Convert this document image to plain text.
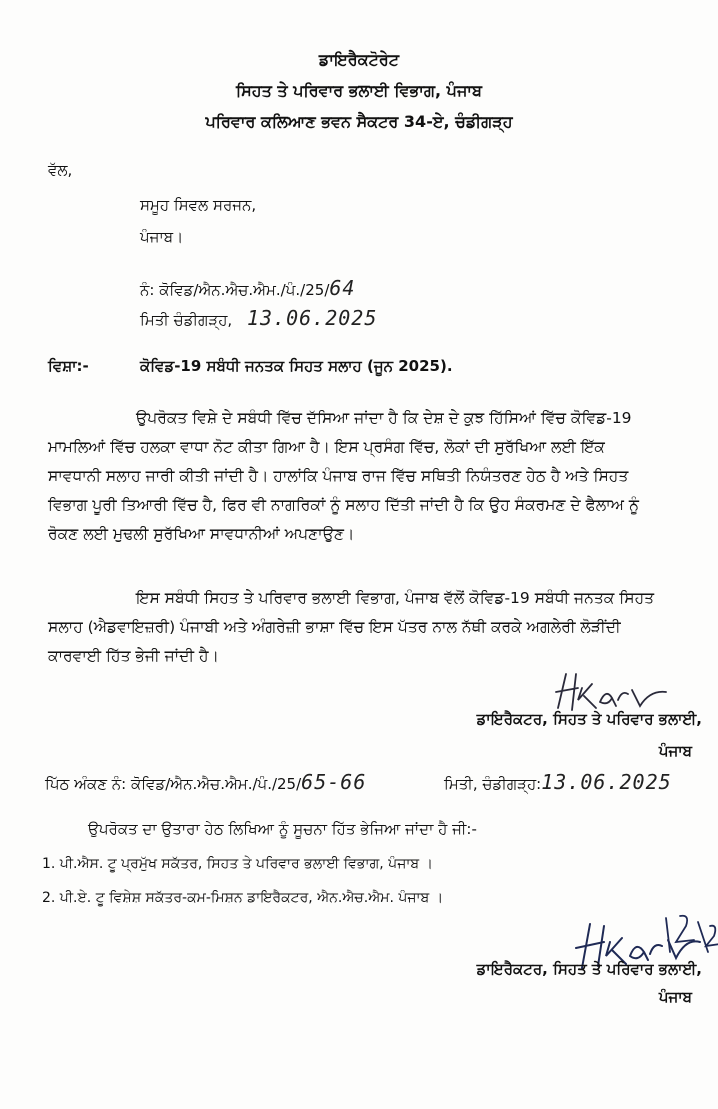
ਡਾਇਰੈਕਟੋਰੇਟ
ਸਿਹਤ ਤੇ ਪਰਿਵਾਰ ਭਲਾਈ ਵਿਭਾਗ, ਪੰਜਾਬ
ਪਰਿਵਾਰ ਕਲਿਆਣ ਭਵਨ ਸੈਕਟਰ 34-ਏ, ਚੰਡੀਗੜ੍ਹ
ਵੱਲ,
ਸਮੂਹ ਸਿਵਲ ਸਰਜਨ,
ਪੰਜਾਬ।
ਨੰ: ਕੋਵਿਡ/ਐਨ.ਐਚ.ਐਮ./ਪੰ./25/64
ਮਿਤੀ ਚੰਡੀਗੜ੍ਹ, 13.06.2025
ਵਿਸ਼ਾ:-	ਕੋਵਿਡ-19 ਸਬੰਧੀ ਜਨਤਕ ਸਿਹਤ ਸਲਾਹ (ਜੂਨ 2025).
ਉਪਰੋਕਤ ਵਿਸ਼ੇ ਦੇ ਸਬੰਧੀ ਵਿੱਚ ਦੱਸਿਆ ਜਾਂਦਾ ਹੈ ਕਿ ਦੇਸ਼ ਦੇ ਕੁਝ ਹਿੱਸਿਆਂ ਵਿੱਚ ਕੋਵਿਡ-19
ਮਾਮਲਿਆਂ ਵਿੱਚ ਹਲਕਾ ਵਾਧਾ ਨੋਟ ਕੀਤਾ ਗਿਆ ਹੈ। ਇਸ ਪ੍ਰਸੰਗ ਵਿੱਚ, ਲੋਕਾਂ ਦੀ ਸੁਰੱਖਿਆ ਲਈ ਇੱਕ
ਸਾਵਧਾਨੀ ਸਲਾਹ ਜਾਰੀ ਕੀਤੀ ਜਾਂਦੀ ਹੈ। ਹਾਲਾਂਕਿ ਪੰਜਾਬ ਰਾਜ ਵਿੱਚ ਸਥਿਤੀ ਨਿਯੰਤਰਣ ਹੇਠ ਹੈ ਅਤੇ ਸਿਹਤ
ਵਿਭਾਗ ਪੂਰੀ ਤਿਆਰੀ ਵਿੱਚ ਹੈ, ਫਿਰ ਵੀ ਨਾਗਰਿਕਾਂ ਨੂੰ ਸਲਾਹ ਦਿੱਤੀ ਜਾਂਦੀ ਹੈ ਕਿ ਉਹ ਸੰਕਰਮਣ ਦੇ ਫੈਲਾਅ ਨੂੰ
ਰੋਕਣ ਲਈ ਮੁਢਲੀ ਸੁਰੱਖਿਆ ਸਾਵਧਾਨੀਆਂ ਅਪਣਾਉਣ।
ਇਸ ਸਬੰਧੀ ਸਿਹਤ ਤੇ ਪਰਿਵਾਰ ਭਲਾਈ ਵਿਭਾਗ, ਪੰਜਾਬ ਵੱਲੋਂ ਕੋਵਿਡ-19 ਸਬੰਧੀ ਜਨਤਕ ਸਿਹਤ
ਸਲਾਹ (ਐਡਵਾਇਜ਼ਰੀ) ਪੰਜਾਬੀ ਅਤੇ ਅੰਗਰੇਜ਼ੀ ਭਾਸ਼ਾ ਵਿੱਚ ਇਸ ਪੱਤਰ ਨਾਲ ਨੱਥੀ ਕਰਕੇ ਅਗਲੇਰੀ ਲੋੜੀਂਦੀ
ਕਾਰਵਾਈ ਹਿੱਤ ਭੇਜੀ ਜਾਂਦੀ ਹੈ।
ਡਾਇਰੈਕਟਰ, ਸਿਹਤ ਤੇ ਪਰਿਵਾਰ ਭਲਾਈ,
ਪੰਜਾਬ
ਪਿੱਠ ਅੰਕਣ ਨੰ: ਕੋਵਿਡ/ਐਨ.ਐਚ.ਐਮ./ਪੰ./25/65-66	ਮਿਤੀ, ਚੰਡੀਗੜ੍ਹ:13.06.2025
ਉਪਰੋਕਤ ਦਾ ਉਤਾਰਾ ਹੇਠ ਲਿਖਿਆ ਨੂੰ ਸੂਚਨਾ ਹਿੱਤ ਭੇਜਿਆ ਜਾਂਦਾ ਹੈ ਜੀ:-
1. ਪੀ.ਐਸ. ਟੂ ਪ੍ਰਮੁੱਖ ਸਕੱਤਰ, ਸਿਹਤ ਤੇ ਪਰਿਵਾਰ ਭਲਾਈ ਵਿਭਾਗ, ਪੰਜਾਬ ।
2. ਪੀ.ਏ. ਟੂ ਵਿਸ਼ੇਸ਼ ਸਕੱਤਰ-ਕਮ-ਮਿਸ਼ਨ ਡਾਇਰੈਕਟਰ, ਐਨ.ਐਚ.ਐਮ. ਪੰਜਾਬ ।
ਡਾਇਰੈਕਟਰ, ਸਿਹਤ ਤੇ ਪਰਿਵਾਰ ਭਲਾਈ,
ਪੰਜਾਬ
